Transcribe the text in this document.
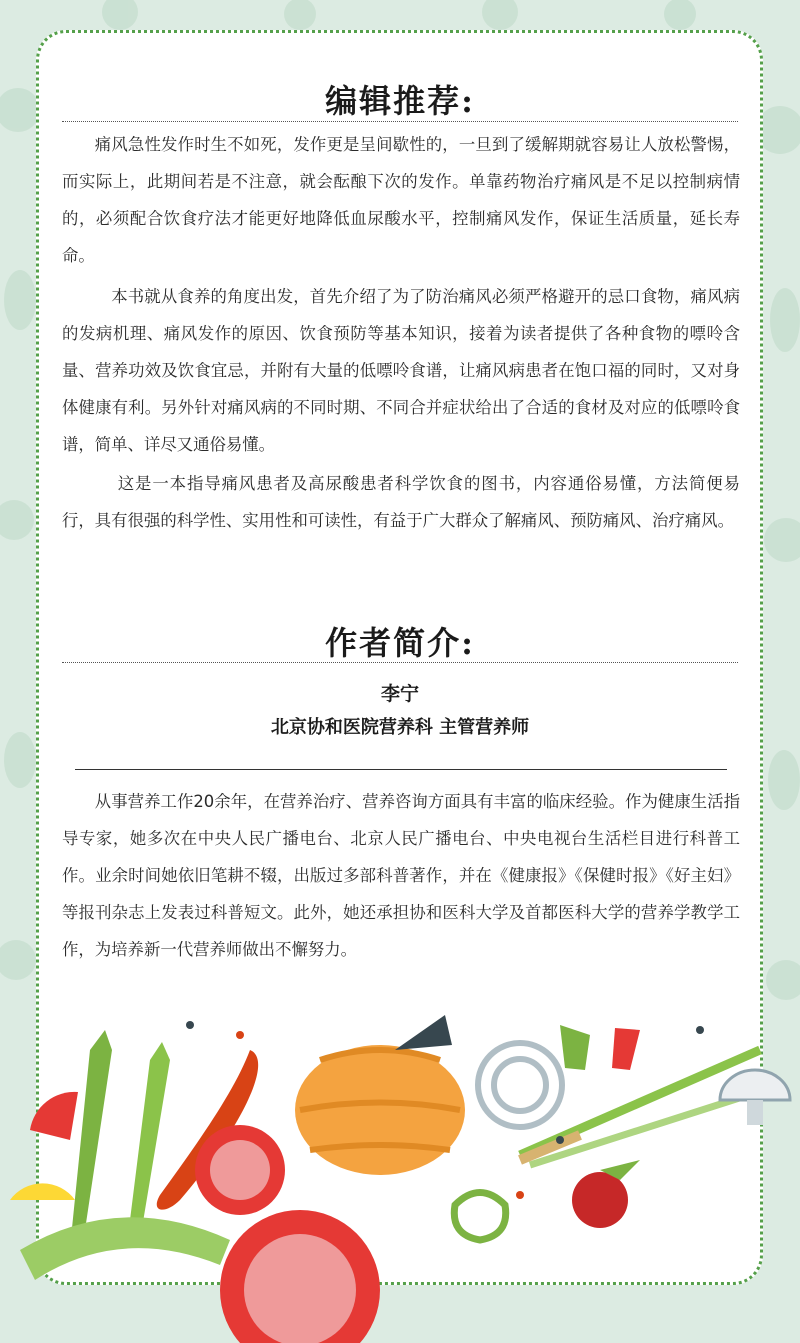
编辑推荐:
痛风急性发作时生不如死，发作更是呈间歇性的，一旦到了缓解期就容易让人放松警惕，而实际上，此期间若是不注意，就会酝酿下次的发作。单靠药物治疗痛风是不足以控制病情的，必须配合饮食疗法才能更好地降低血尿酸水平，控制痛风发作，保证生活质量，延长寿命。
本书就从食养的角度出发，首先介绍了为了防治痛风必须严格避开的忌口食物，痛风病的发病机理、痛风发作的原因、饮食预防等基本知识，接着为读者提供了各种食物的嘌呤含量、营养功效及饮食宜忌，并附有大量的低嘌呤食谱，让痛风病患者在饱口福的同时，又对身体健康有利。另外针对痛风病的不同时期、不同合并症状给出了合适的食材及对应的低嘌呤食谱，简单、详尽又通俗易懂。
这是一本指导痛风患者及高尿酸患者科学饮食的图书，内容通俗易懂，方法简便易行，具有很强的科学性、实用性和可读性，有益于广大群众了解痛风、预防痛风、治疗痛风。
作者简介:
李宁
北京协和医院营养科 主管营养师
从事营养工作20余年，在营养治疗、营养咨询方面具有丰富的临床经验。作为健康生活指导专家，她多次在中央人民广播电台、北京人民广播电台、中央电视台生活栏目进行科普工作。业余时间她依旧笔耕不辍，出版过多部科普著作，并在《健康报》《保健时报》《好主妇》等报刊杂志上发表过科普短文。此外，她还承担协和医科大学及首都医科大学的营养学教学工作，为培养新一代营养师做出不懈努力。
